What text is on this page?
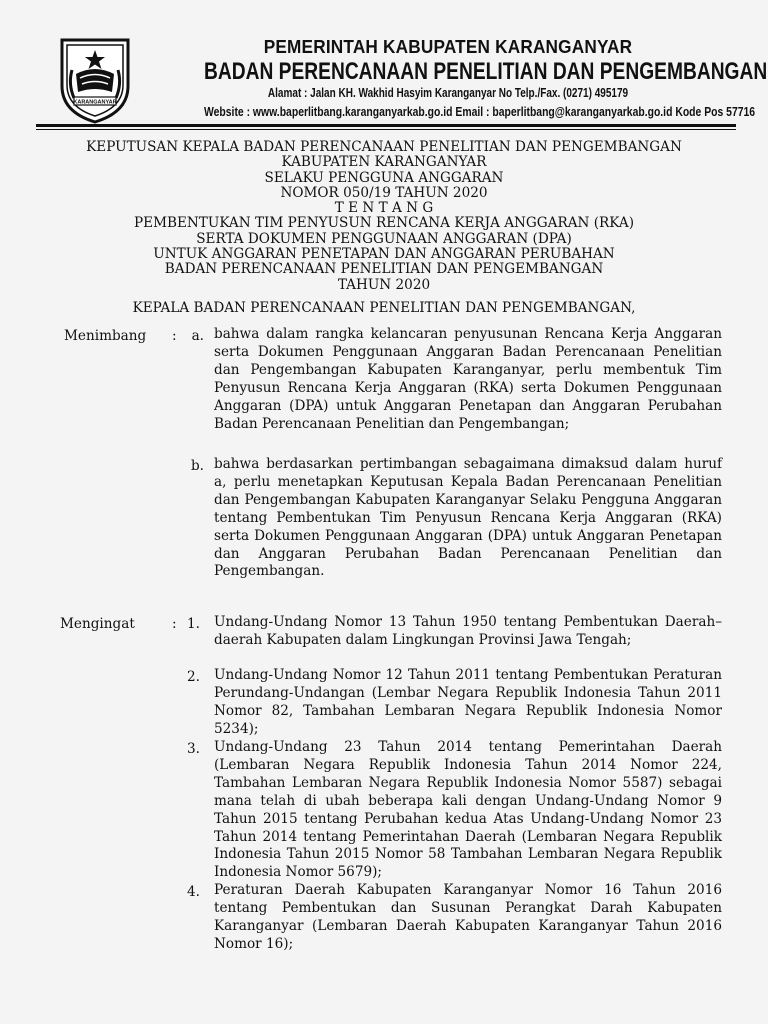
KARANGANYAR
PEMERINTAH KABUPATEN KARANGANYAR
BADAN PERENCANAAN PENELITIAN DAN PENGEMBANGAN
Alamat : Jalan KH. Wakhid Hasyim Karanganyar No Telp./Fax. (0271) 495179
Website : www.baperlitbang.karanganyarkab.go.id Email : baperlitbang@karanganyarkab.go.id Kode Pos 57716
KEPUTUSAN KEPALA BADAN PERENCANAAN PENELITIAN DAN PENGEMBANGAN
KABUPATEN KARANGANYAR
SELAKU PENGGUNA ANGGARAN
NOMOR 050/19 TAHUN 2020
T E N T A N G
PEMBENTUKAN TIM PENYUSUN RENCANA KERJA ANGGARAN (RKA)
SERTA DOKUMEN PENGGUNAAN ANGGARAN (DPA)
UNTUK ANGGARAN PENETAPAN DAN ANGGARAN PERUBAHAN
BADAN PERENCANAAN PENELITIAN DAN PENGEMBANGAN
TAHUN 2020
KEPALA BADAN PERENCANAAN PENELITIAN DAN PENGEMBANGAN,
Menimbang :	a. bahwa dalam rangka kelancaran penyusunan Rencana Kerja Anggaran serta Dokumen Penggunaan Anggaran Badan Perencanaan Penelitian dan Pengembangan Kabupaten Karanganyar, perlu membentuk Tim Penyusun Rencana Kerja Anggaran (RKA) serta Dokumen Penggunaan Anggaran (DPA) untuk Anggaran Penetapan dan Anggaran Perubahan Badan Perencanaan Penelitian dan Pengembangan;
b. bahwa berdasarkan pertimbangan sebagaimana dimaksud dalam huruf a, perlu menetapkan Keputusan Kepala Badan Perencanaan Penelitian dan Pengembangan Kabupaten Karanganyar Selaku Pengguna Anggaran tentang Pembentukan Tim Penyusun Rencana Kerja Anggaran (RKA) serta Dokumen Penggunaan Anggaran (DPA) untuk Anggaran Penetapan dan Anggaran Perubahan Badan Perencanaan Penelitian dan Pengembangan.
Mengingat	: 1. Undang-Undang Nomor 13 Tahun 1950 tentang Pembentukan Daerah–daerah Kabupaten dalam Lingkungan Provinsi Jawa Tengah;
2. Undang-Undang Nomor 12 Tahun 2011 tentang Pembentukan Peraturan Perundang-Undangan (Lembar Negara Republik Indonesia Tahun 2011 Nomor 82, Tambahan Lembaran Negara Republik Indonesia Nomor 5234);
3. Undang-Undang 23 Tahun 2014 tentang Pemerintahan Daerah (Lembaran Negara Republik Indonesia Tahun 2014 Nomor 224, Tambahan Lembaran Negara Republik Indonesia Nomor 5587) sebagai mana telah di ubah beberapa kali dengan Undang-Undang Nomor 9 Tahun 2015 tentang Perubahan kedua Atas Undang-Undang Nomor 23 Tahun 2014 tentang Pemerintahan Daerah (Lembaran Negara Republik Indonesia Tahun 2015 Nomor 58 Tambahan Lembaran Negara Republik Indonesia Nomor 5679);
4. Peraturan Daerah Kabupaten Karanganyar Nomor 16 Tahun 2016 tentang Pembentukan dan Susunan Perangkat Darah Kabupaten Karanganyar (Lembaran Daerah Kabupaten Karanganyar Tahun 2016 Nomor 16);
